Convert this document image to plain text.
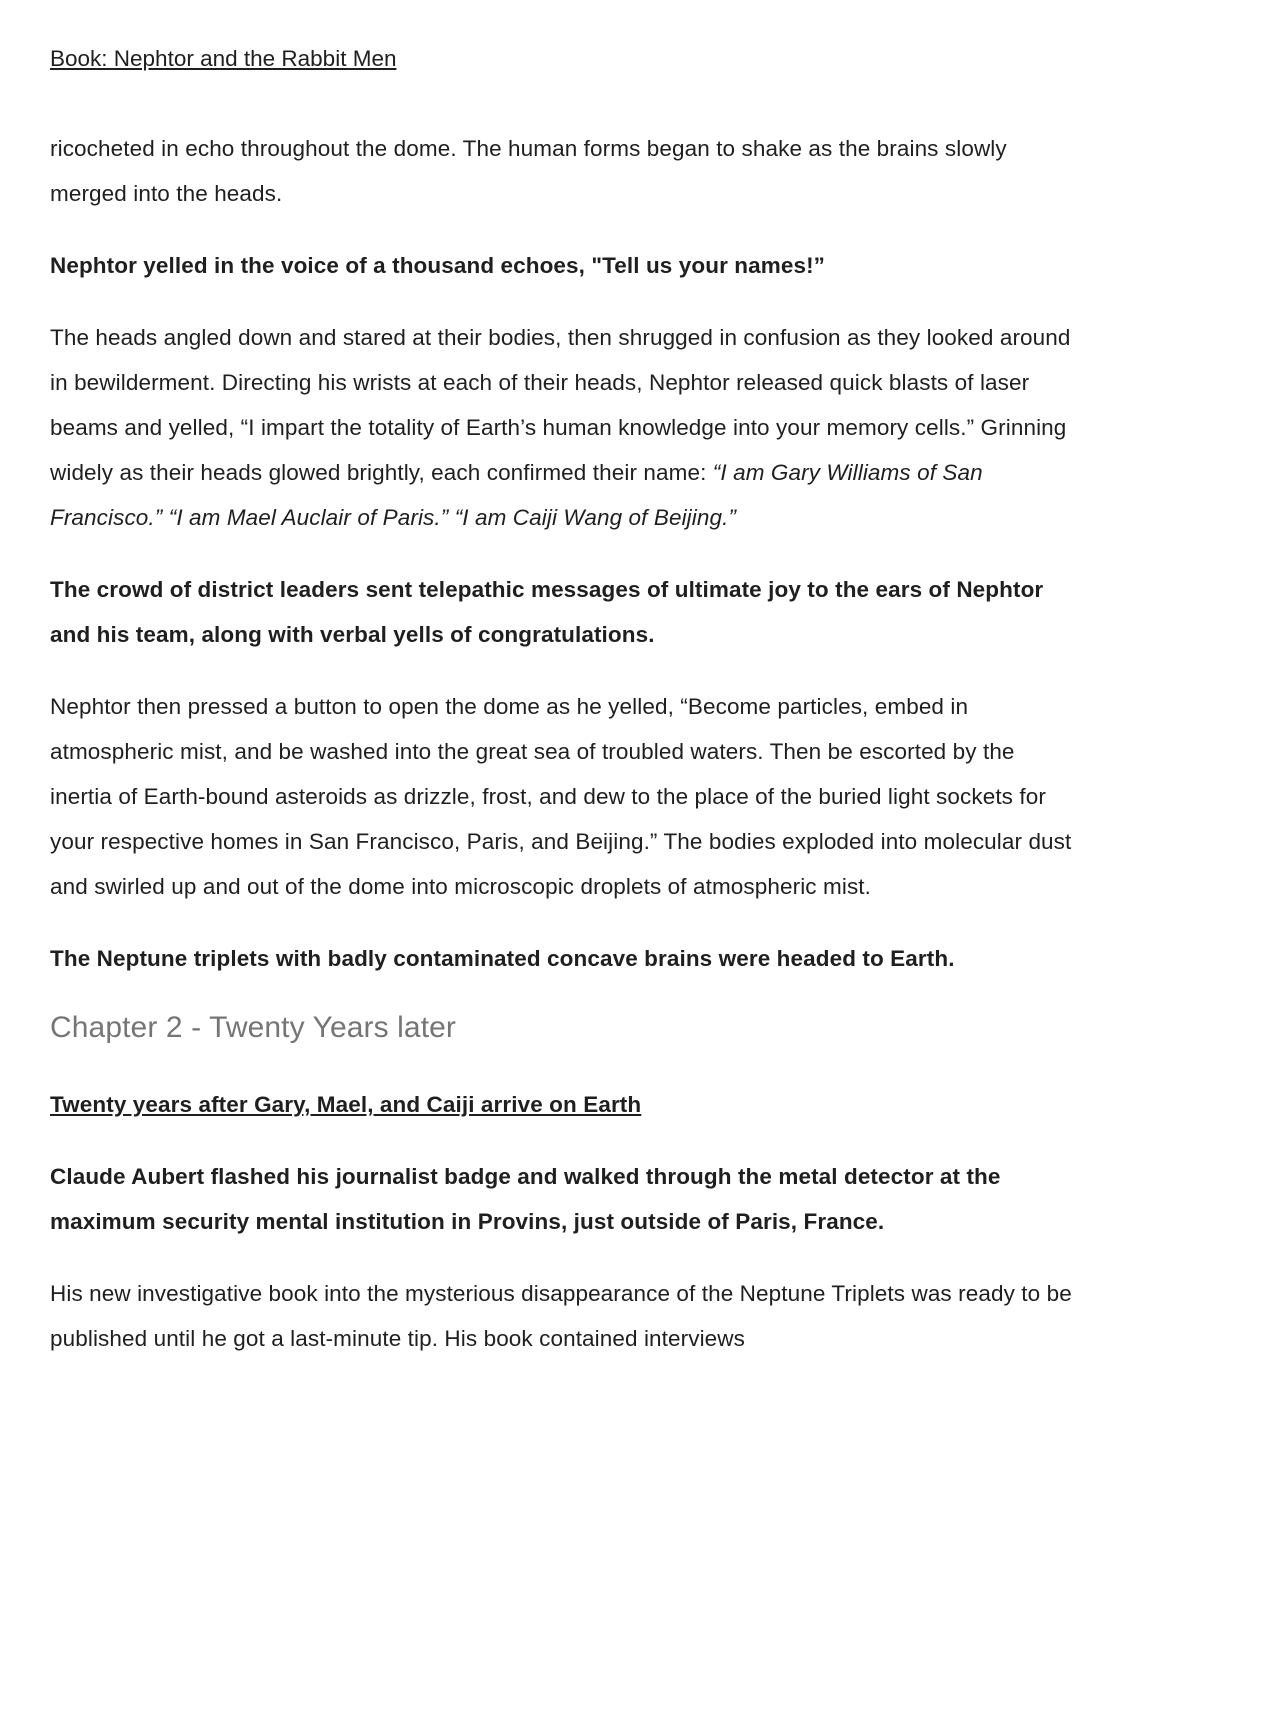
Book: Nephtor and the Rabbit Men

ricocheted in echo throughout the dome. The human forms began to shake as the brains slowly merged into the heads.

Nephtor yelled in the voice of a thousand echoes, "Tell us your names!”

The heads angled down and stared at their bodies, then shrugged in confusion as they looked around in bewilderment. Directing his wrists at each of their heads, Nephtor released quick blasts of laser beams and yelled, “I impart the totality of Earth’s human knowledge into your memory cells.” Grinning widely as their heads glowed brightly, each confirmed their name: “I am Gary Williams of San Francisco.” “I am Mael Auclair of Paris.” “I am Caiji Wang of Beijing.”

The crowd of district leaders sent telepathic messages of ultimate joy to the ears of Nephtor and his team, along with verbal yells of congratulations.

Nephtor then pressed a button to open the dome as he yelled, “Become particles, embed in atmospheric mist, and be washed into the great sea of troubled waters. Then be escorted by the inertia of Earth-bound asteroids as drizzle, frost, and dew to the place of the buried light sockets for your respective homes in San Francisco, Paris, and Beijing.” The bodies exploded into molecular dust and swirled up and out of the dome into microscopic droplets of atmospheric mist.

The Neptune triplets with badly contaminated concave brains were headed to Earth.

Chapter 2 - Twenty Years later

Twenty years after Gary, Mael, and Caiji arrive on Earth

Claude Aubert flashed his journalist badge and walked through the metal detector at the maximum security mental institution in Provins, just outside of Paris, France.

His new investigative book into the mysterious disappearance of the Neptune Triplets was ready to be published until he got a last-minute tip. His book contained interviews
